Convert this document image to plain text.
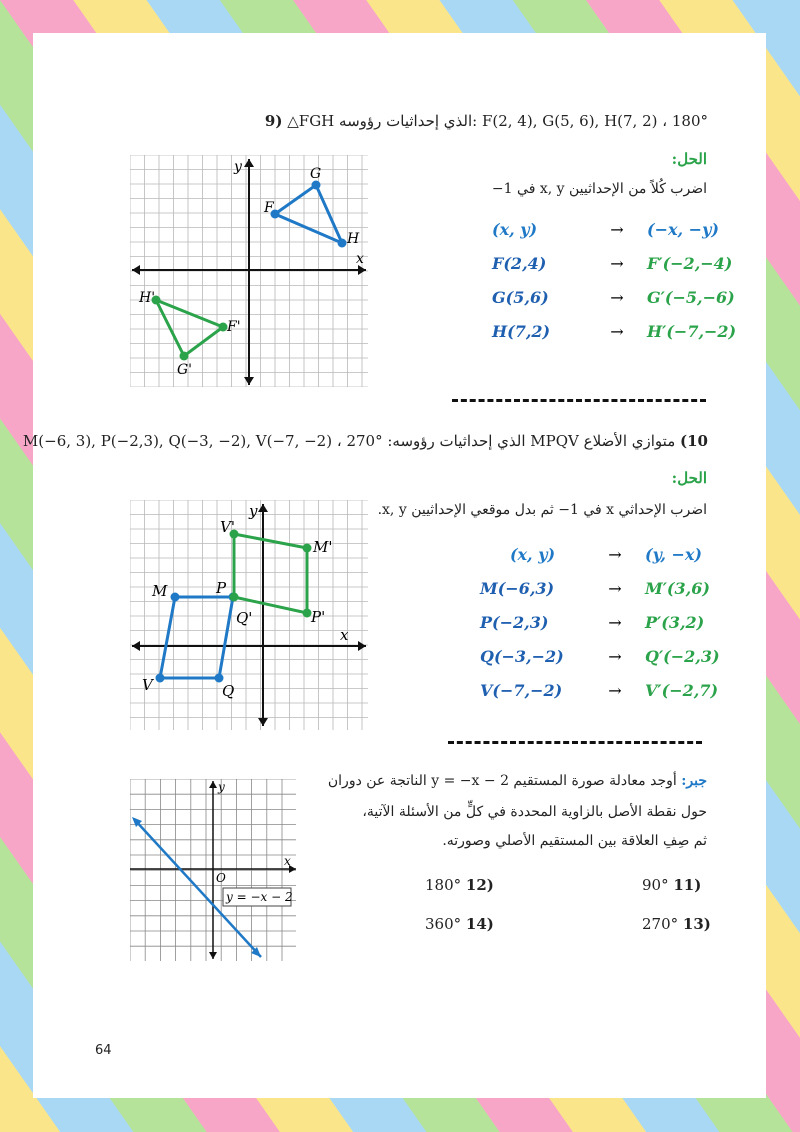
9) △FGH الذي إحداثيات رؤوسه: F(2, 4), G(5, 6), H(7, 2) ، 180°
x
y
F
G
H
H'
F'
G'
الحل:
اضرب كُلاً من الإحداثيين x, y في 1−
(x, y)	→	(−x, −y)
F(2,4)	→	F′(−2,−4)
G(5,6)	→	G′(−5,−6)
H(7,2)	→	H′(−7,−2)
10) متوازي الأضلاع MPQV الذي إحداثيات رؤوسه: M(−6, 3), P(−2,3), Q(−3, −2), V(−7, −2) ، 270°
الحل:
اضرب الإحداثي x في 1− ثم بدل موقعي الإحداثيين x, y.
x
y
M	P
Q
V
V'
M'
P'
Q'
(x, y)	→	(y, −x)
M(−6,3)	→	M′(3,6)
P(−2,3)	→	P′(3,2)
Q(−3,−2)	→	Q′(−2,3)
V(−7,−2)	→	V′(−2,7)
جبر: أوجد معادلة صورة المستقيم y = −x − 2 الناتجة عن دوران
حول نقطة الأصل بالزاوية المحددة في كلٍّ من الأسئلة الآتية،
ثم صِفِ العلاقة بين المستقيم الأصلي وصورته.
x
y
O
y = −x − 2
90° 11)
180° 12)
270° 13)
360° 14)
64
